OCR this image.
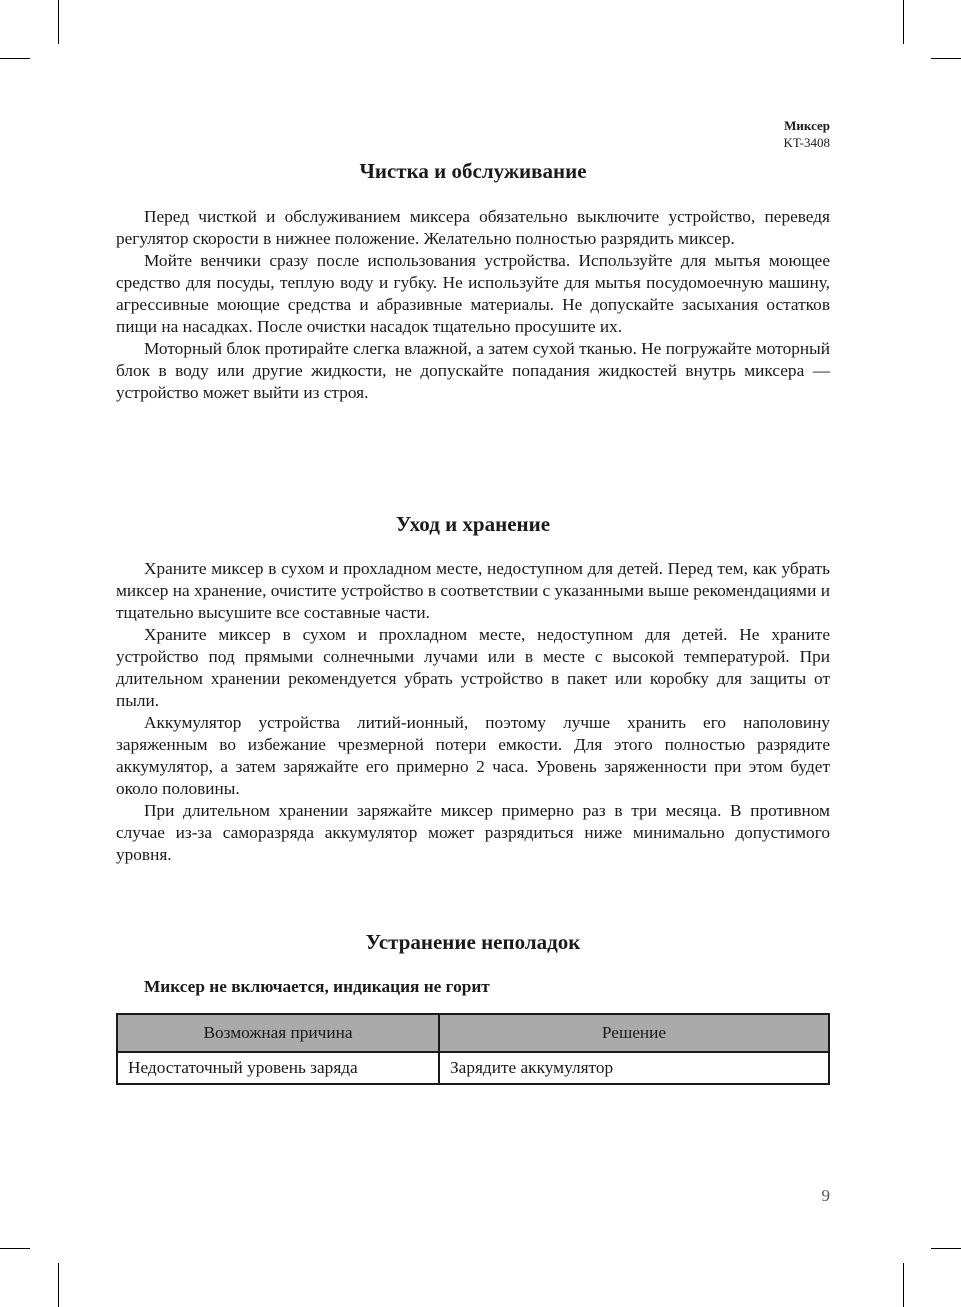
Миксер
KT-3408
Чистка и обслуживание

Перед чисткой и обслуживанием миксера обязательно выключите устройство, переведя регулятор скорости в нижнее положение. Желательно полностью разрядить миксер.

Мойте венчики сразу после использования устройства. Используйте для мытья моющее средство для посуды, теплую воду и губку. Не используйте для мытья посудомоечную машину, агрессивные моющие средства и абразивные материалы. Не допускайте засыхания остатков пищи на насадках. После очистки насадок тщательно просушите их.

Моторный блок протирайте слегка влажной, а затем сухой тканью. Не погружайте моторный блок в воду или другие жидкости, не допускайте попадания жидкостей внутрь миксера — устройство может выйти из строя.

Уход и хранение

Храните миксер в сухом и прохладном месте, недоступном для детей. Перед тем, как убрать миксер на хранение, очистите устройство в соответствии с указанными выше рекомендациями и тщательно высушите все составные части.

Храните миксер в сухом и прохладном месте, недоступном для детей. Не храните устройство под прямыми солнечными лучами или в месте с высокой температурой. При длительном хранении рекомендуется убрать устройство в пакет или коробку для защиты от пыли.

Аккумулятор устройства литий-ионный, поэтому лучше хранить его наполовину заряженным во избежание чрезмерной потери емкости. Для этого полностью разрядите аккумулятор, а затем заряжайте его примерно 2 часа. Уровень заряженности при этом будет около половины.

При длительном хранении заряжайте миксер примерно раз в три месяца. В противном случае из-за саморазряда аккумулятор может разрядиться ниже минимально допустимого уровня.

Устранение неполадок
Миксер не включается, индикация не горит
Возможная причина	Решение
Недостаточный уровень заряда	Зарядите аккумулятор
9
